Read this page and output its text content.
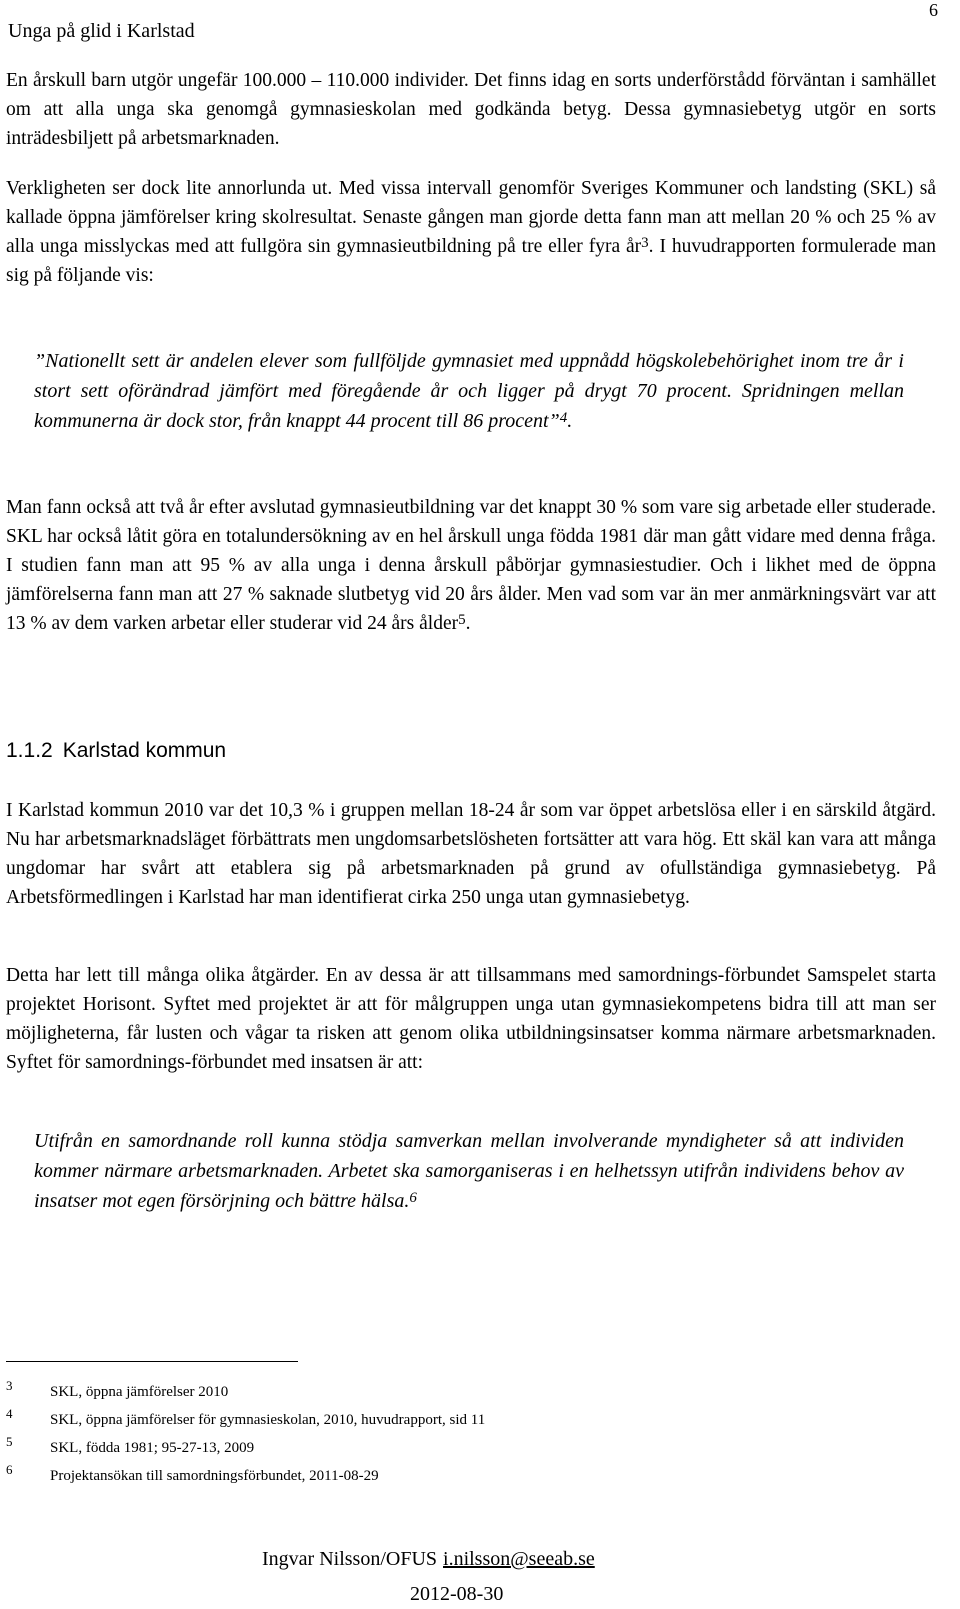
6
Unga på glid i Karlstad

En årskull barn utgör ungefär 100.000 – 110.000 individer. Det finns idag en sorts underförstådd förväntan i samhället om att alla unga ska genomgå gymnasieskolan med godkända betyg. Dessa gymnasiebetyg utgör en sorts inträdesbiljett på arbetsmarknaden.

Verkligheten ser dock lite annorlunda ut. Med vissa intervall genomför Sveriges Kommuner och landsting (SKL) så kallade öppna jämförelser kring skolresultat. Senaste gången man gjorde detta fann man att mellan 20 % och 25 % av alla unga misslyckas med att fullgöra sin gymnasieutbildning på tre eller fyra $år^3$. I huvudrapporten formulerade man sig på följande vis:

”Nationellt sett är andelen elever som fullföljde gymnasiet med uppnådd högskolebehörighet inom tre år i stort sett oförändrad jämfört med föregående år och ligger på drygt 70 procent. Spridningen mellan kommunerna är dock stor, från knappt 44 procent till 86 procent”$^4$.

Man fann också att två år efter avslutad gymnasieutbildning var det knappt 30 % som vare sig arbetade eller studerade. SKL har också låtit göra en totalundersökning av en hel årskull unga födda 1981 där man gått vidare med denna fråga. I studien fann man att 95 % av alla unga i denna årskull påbörjar gymnasiestudier. Och i likhet med de öppna jämförelserna fann man att 27 % saknade slutbetyg vid 20 års ålder. Men vad som var än mer anmärkningsvärt var att 13 % av dem varken arbetar eller studerar vid 24 års ålder$^5$.

1.1.2 Karlstad kommun

I Karlstad kommun 2010 var det 10,3 % i gruppen mellan 18-24 år som var öppet arbetslösa eller i en särskild åtgärd. Nu har arbetsmarknadsläget förbättrats men ungdomsarbetslösheten fortsätter att vara hög. Ett skäl kan vara att många ungdomar har svårt att etablera sig på arbetsmarknaden på grund av ofullständiga gymnasiebetyg. På Arbetsförmedlingen i Karlstad har man identifierat cirka 250 unga utan gymnasiebetyg.

Detta har lett till många olika åtgärder. En av dessa är att tillsammans med samordnings-förbundet Samspelet starta projektet Horisont. Syftet med projektet är att för målgruppen unga utan gymnasiekompetens bidra till att man ser möjligheterna, får lusten och vågar ta risken att genom olika utbildningsinsatser komma närmare arbetsmarknaden. Syftet för samordnings-förbundet med insatsen är att:

Utifrån en samordnande roll kunna stödja samverkan mellan involverande myndigheter så att individen kommer närmare arbetsmarknaden. Arbetet ska samorganiseras i en helhetssyn utifrån individens behov av insatser mot egen försörjning och bättre hälsa.$^6$

3	SKL, öppna jämförelser 2010
4	SKL, öppna jämförelser för gymnasieskolan, 2010, huvudrapport, sid 11
5	SKL, födda 1981; 95-27-13, 2009
6	Projektansökan till samordningsförbundet, 2011-08-29
Ingvar Nilsson/OFUS i.nilsson@seeab.se
2012-08-30
